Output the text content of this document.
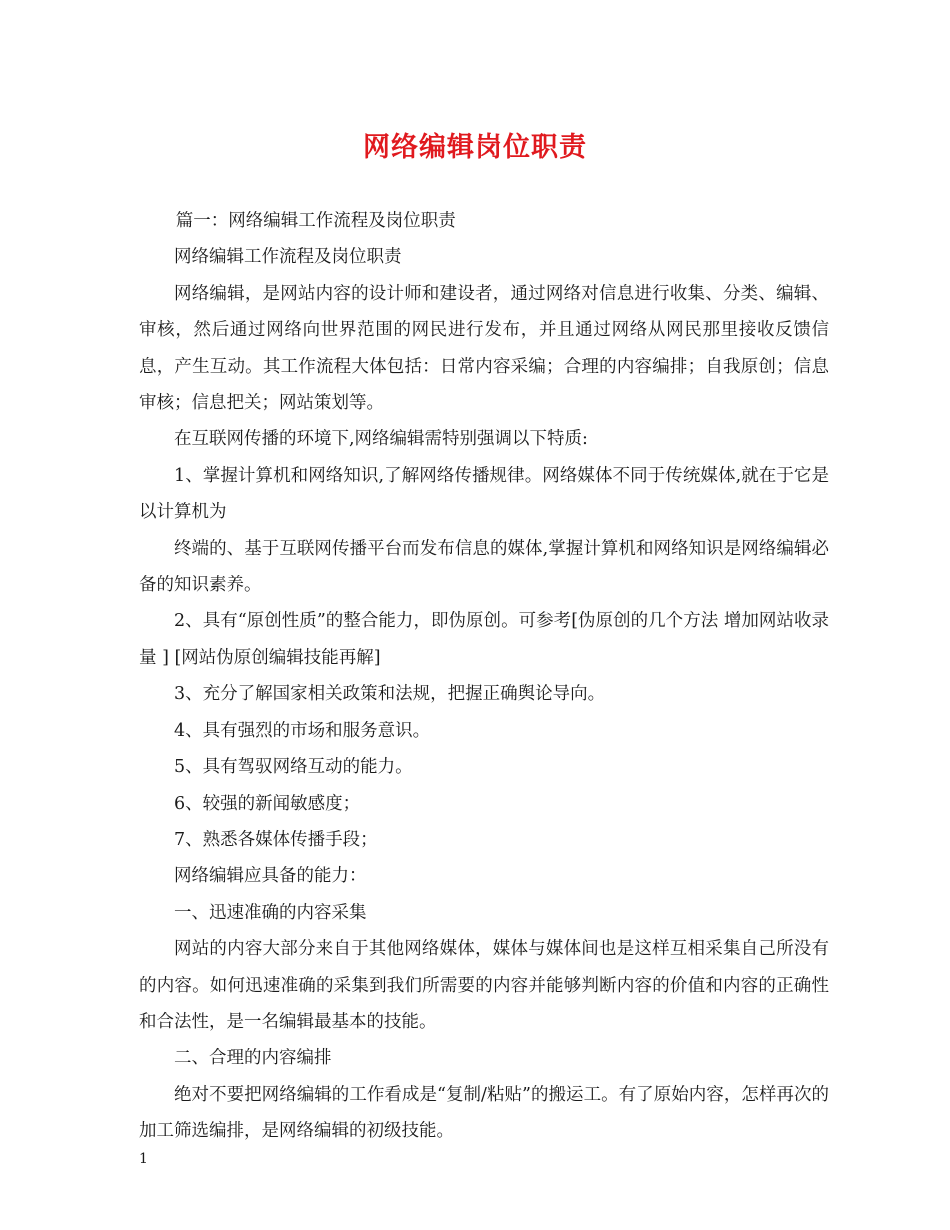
网络编辑岗位职责

篇一：网络编辑工作流程及岗位职责

网络编辑工作流程及岗位职责

网络编辑，是网站内容的设计师和建设者，通过网络对信息进行收集、分类、编辑、审核，然后通过网络向世界范围的网民进行发布，并且通过网络从网民那里接收反馈信息，产生互动。其工作流程大体包括：日常内容采编；合理的内容编排；自我原创；信息审核；信息把关；网站策划等。

在互联网传播的环境下,网络编辑需特别强调以下特质:

1、掌握计算机和网络知识,了解网络传播规律。网络媒体不同于传统媒体,就在于它是以计算机为

终端的、基于互联网传播平台而发布信息的媒体,掌握计算机和网络知识是网络编辑必备的知识素养。

2、具有“原创性质”的整合能力，即伪原创。可参考[伪原创的几个方法 增加网站收录量 ] [网站伪原创编辑技能再解]

3、充分了解国家相关政策和法规，把握正确舆论导向。

4、具有强烈的市场和服务意识。

5、具有驾驭网络互动的能力。

6、较强的新闻敏感度；

7、熟悉各媒体传播手段；

网络编辑应具备的能力：

一、迅速准确的内容采集

网站的内容大部分来自于其他网络媒体，媒体与媒体间也是这样互相采集自己所没有的内容。如何迅速准确的采集到我们所需要的内容并能够判断内容的价值和内容的正确性和合法性，是一名编辑最基本的技能。

二、合理的内容编排

绝对不要把网络编辑的工作看成是“复制/粘贴”的搬运工。有了原始内容，怎样再次的加工筛选编排，是网络编辑的初级技能。

1
